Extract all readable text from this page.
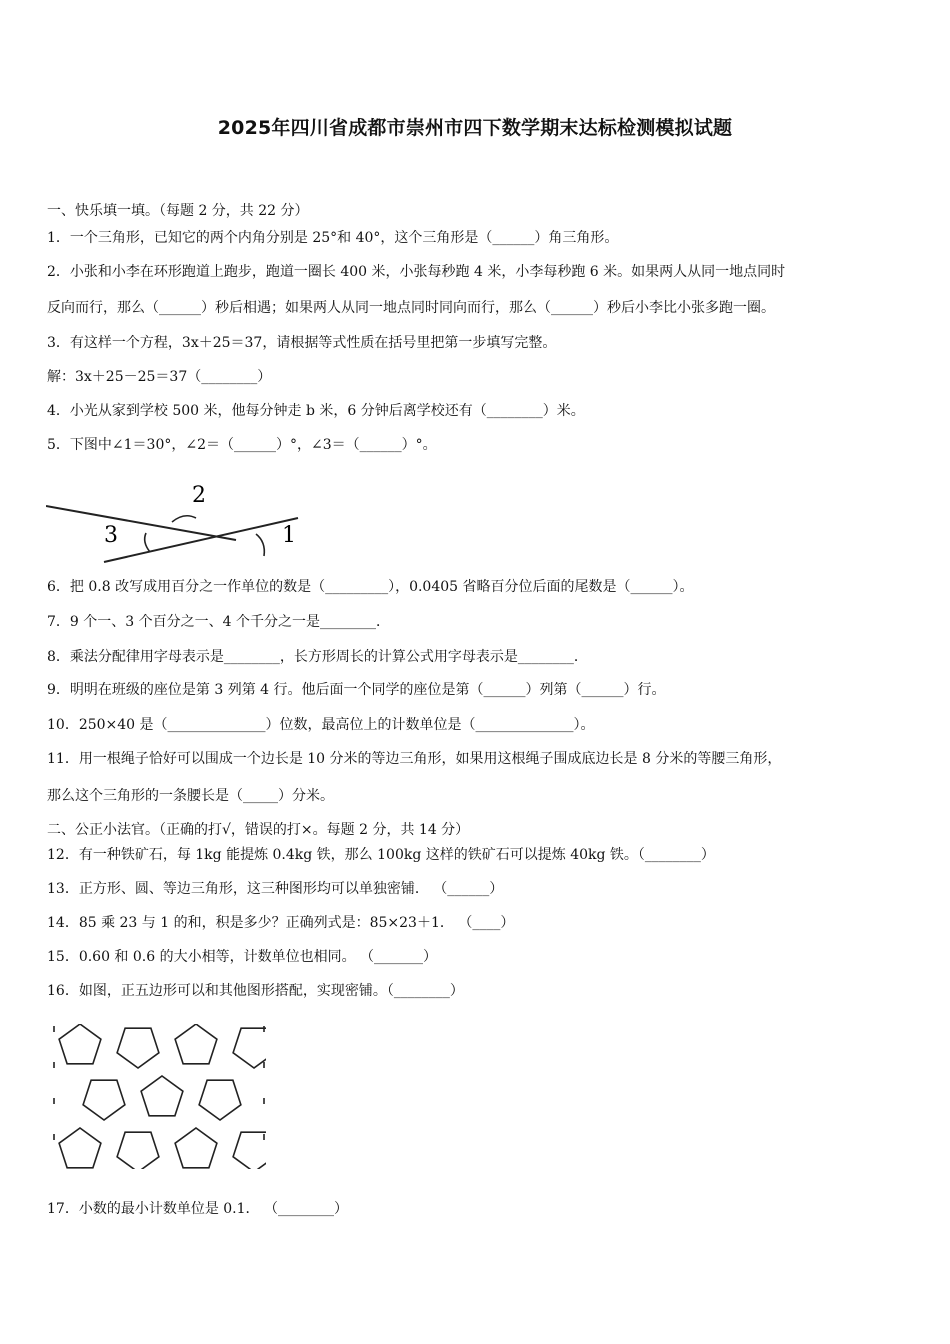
2025年四川省成都市崇州市四下数学期末达标检测模拟试题
一、快乐填一填。（每题 2 分，共 22 分）
1．一个三角形，已知它的两个内角分别是 25°和 40°，这个三角形是（______）角三角形。
2．小张和小李在环形跑道上跑步，跑道一圈长 400 米，小张每秒跑 4 米，小李每秒跑 6 米。如果两人从同一地点同时
反向而行，那么（______）秒后相遇；如果两人从同一地点同时同向而行，那么（______）秒后小李比小张多跑一圈。
3．有这样一个方程，3x＋25＝37，请根据等式性质在括号里把第一步填写完整。
解：3x＋25－25＝37（________）
4．小光从家到学校 500 米，他每分钟走 b 米，6 分钟后离学校还有（________）米。
5．下图中∠1＝30°，∠2＝（______）°，∠3＝（______）°。
2
3	1
6．把 0.8 改写成用百分之一作单位的数是（_________），0.0405 省略百分位后面的尾数是（______）。
7．9 个一、3 个百分之一、4 个千分之一是________．
8．乘法分配律用字母表示是________，长方形周长的计算公式用字母表示是________．
9．明明在班级的座位是第 3 列第 4 行。他后面一个同学的座位是第（______）列第（______）行。
10．250×40 是（______________）位数，最高位上的计数单位是（______________）。
11．用一根绳子恰好可以围成一个边长是 10 分米的等边三角形，如果用这根绳子围成底边长是 8 分米的等腰三角形，
那么这个三角形的一条腰长是（_____）分米。
二、公正小法官。（正确的打√，错误的打×。每题 2 分，共 14 分）
12．有一种铁矿石，每 1kg 能提炼 0.4kg 铁，那么 100kg 这样的铁矿石可以提炼 40kg 铁。（________）
13．正方形、圆、等边三角形，这三种图形均可以单独密铺． （______）
14．85 乘 23 与 1 的和，积是多少？正确列式是：85×23＋1． （____）
15．0.60 和 0.6 的大小相等，计数单位也相同。 （_______）
16．如图，正五边形可以和其他图形搭配，实现密铺。（________）
17．小数的最小计数单位是 0.1． （________）
